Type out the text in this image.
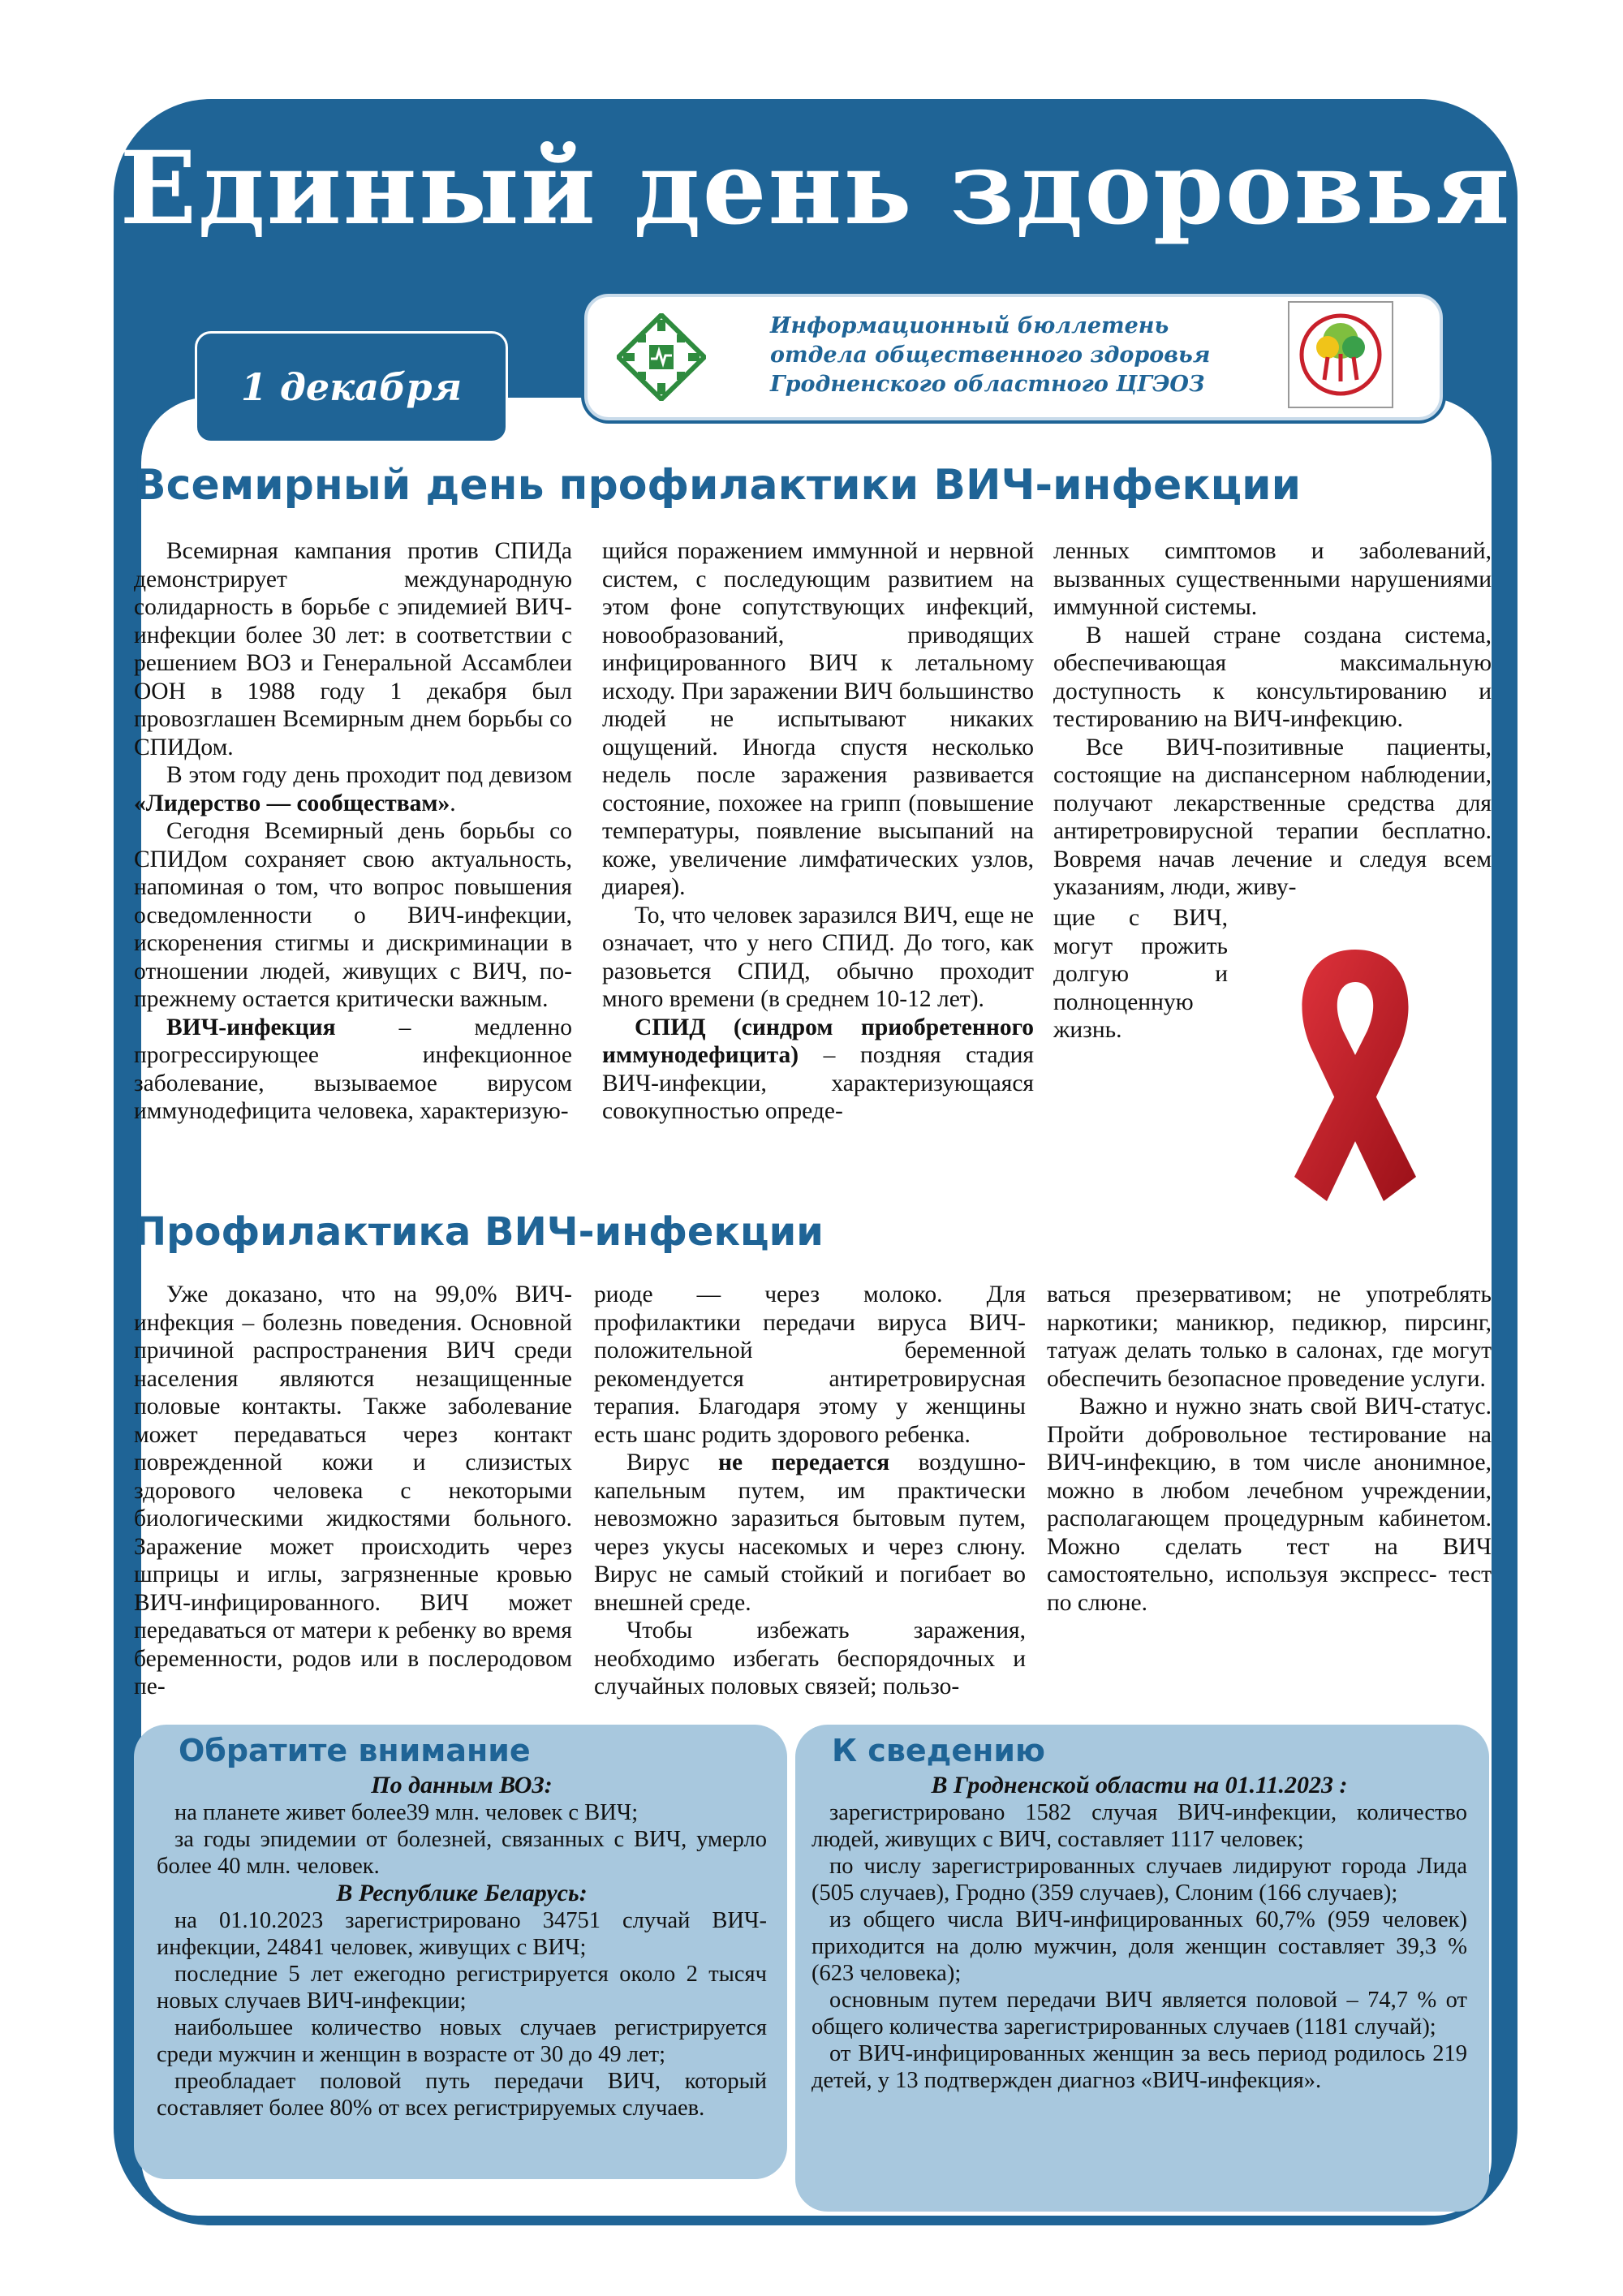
Единый день здоровья
1 декабря
Информационный бюллетень
отдела общественного здоровья
Гродненского областного ЦГЭОЗ
Всемирный день профилактики ВИЧ-инфекции

Всемирная кампания против СПИДа демонстрирует международную солидарность в борьбе с эпидемией ВИЧ-инфекции более 30 лет: в соответствии с решением ВОЗ и Генеральной Ассамблеи ООН в 1988 году 1 декабря был провозглашен Всемирным днем борьбы со СПИДом.

В этом году день проходит под девизом «Лидерство — сообществам».

Сегодня Всемирный день борьбы со СПИДом сохраняет свою актуальность, напоминая о том, что вопрос повышения осведомленности о ВИЧ-инфекции, искоренения стигмы и дискриминации в отношении людей, живущих с ВИЧ, по-прежнему остается критически важным.

ВИЧ-инфекция – медленно прогрессирующее инфекционное заболевание, вызываемое вирусом иммунодефицита человека, характеризую-

щийся поражением иммунной и нервной систем, с последующим развитием на этом фоне сопутствующих инфекций, новообразований, приводящих инфицированного ВИЧ к летальному исходу. При заражении ВИЧ большинство людей не испытывают никаких ощущений. Иногда спустя несколько недель после заражения развивается состояние, похожее на грипп (повышение температуры, появление высыпаний на коже, увеличение лимфатических узлов, диарея).

То, что человек заразился ВИЧ, еще не означает, что у него СПИД. До того, как разовьется СПИД, обычно проходит много времени (в среднем 10-12 лет).

СПИД (синдром приобретенного иммунодефицита) – поздняя стадия ВИЧ-инфекции, характеризующаяся совокупностью опреде-

ленных симптомов и заболеваний, вызванных существенными нарушениями иммунной системы.

В нашей стране создана система, обеспечивающая максимальную доступность к консультированию и тестированию на ВИЧ-инфекцию.

Все ВИЧ-позитивные пациенты, состоящие на диспансерном наблюдении, получают лекарственные средства для антиретровирусной терапии бесплатно. Вовремя начав лечение и следуя всем указаниям, люди, живу-

щие с ВИЧ, могут прожить долгую и полноценную жизнь.

Профилактика ВИЧ-инфекции

Уже доказано, что на 99,0% ВИЧ-инфекция – болезнь поведения. Основной причиной распространения ВИЧ среди населения являются незащищенные половые контакты. Также заболевание может передаваться через контакт поврежденной кожи и слизистых здорового человека с некоторыми биологическими жидкостями больного. Заражение может происходить через шприцы и иглы, загрязненные кровью ВИЧ-инфицированного. ВИЧ может передаваться от матери к ребенку во время беременности, родов или в послеродовом пе-

риоде — через молоко. Для профилактики передачи вируса ВИЧ-положительной беременной рекомендуется антиретровирусная терапия. Благодаря этому у женщины есть шанс родить здорового ребенка.

Вирус не передается воздушно-капельным путем, им практически невозможно заразиться бытовым путем, через укусы насекомых и через слюну. Вирус не самый стойкий и погибает во внешней среде.

Чтобы избежать заражения, необходимо избегать беспорядочных и случайных половых связей; пользо-

ваться презервативом; не употреблять наркотики; маникюр, педикюр, пирсинг, татуаж делать только в салонах, где могут обеспечить безопасное проведение услуги.

Важно и нужно знать свой ВИЧ-статус. Пройти добровольное тестирование на ВИЧ-инфекцию, в том числе анонимное, можно в любом лечебном учреждении, располагающем процедурным кабинетом. Можно сделать тест на ВИЧ самостоятельно, используя экспресс- тест по слюне.

Обратите внимание
По данным ВОЗ:

на планете живет более39 млн. человек с ВИЧ;

за годы эпидемии от болезней, связанных с ВИЧ, умерло более 40 млн. человек.

В Республике Беларусь:

на 01.10.2023 зарегистрировано 34751 случай ВИЧ-инфекции, 24841 человек, живущих с ВИЧ;

последние 5 лет ежегодно регистрируется около 2 тысяч новых случаев ВИЧ-инфекции;

наибольшее количество новых случаев регистрируется среди мужчин и женщин в возрасте от 30 до 49 лет;

преобладает половой путь передачи ВИЧ, который составляет более 80% от всех регистрируемых случаев.

К сведению
В Гродненской области на 01.11.2023 :

зарегистрировано 1582 случая ВИЧ-инфекции, количество людей, живущих с ВИЧ, составляет 1117 человек;

по числу зарегистрированных случаев лидируют города Лида (505 случаев), Гродно (359 случаев), Слоним (166 случаев);

из общего числа ВИЧ-инфицированных 60,7% (959 человек) приходится на долю мужчин, доля женщин составляет 39,3 % (623 человека);

основным путем передачи ВИЧ является половой – 74,7 % от общего количества зарегистрированных случаев (1181 случай);

от ВИЧ-инфицированных женщин за весь период родилось 219 детей, у 13 подтвержден диагноз «ВИЧ-инфекция».
